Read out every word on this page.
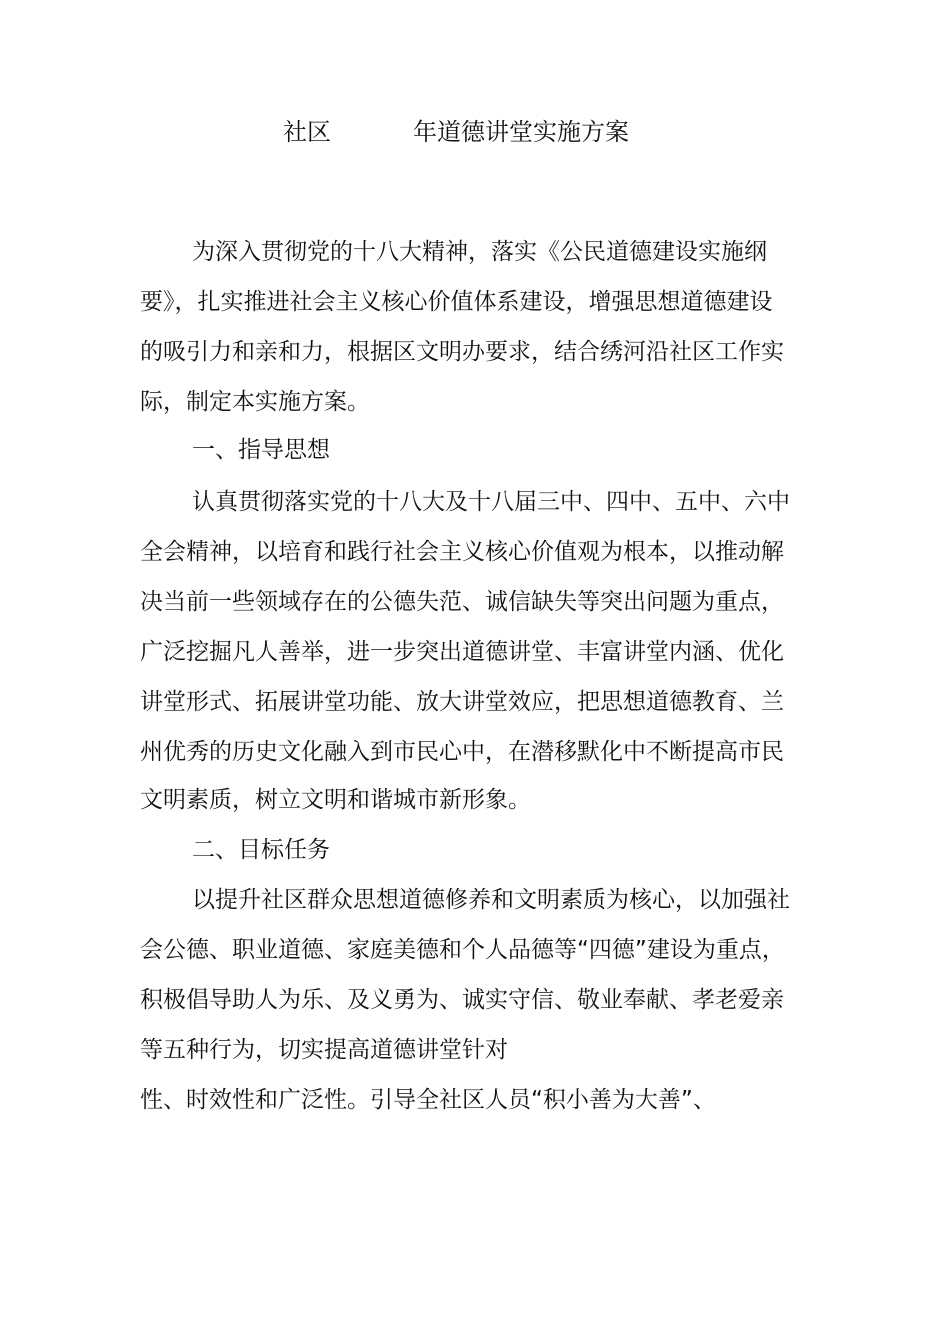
社区	年道德讲堂实施方案
为深入贯彻党的十八大精神，落实《公民道德建设实施纲
要》，扎实推进社会主义核心价值体系建设，增强思想道德建设
的吸引力和亲和力，根据区文明办要求，结合绣河沿社区工作实
际，制定本实施方案。
一、指导思想
认真贯彻落实党的十八大及十八届三中、四中、五中、六中
全会精神，以培育和践行社会主义核心价值观为根本，以推动解
决当前一些领域存在的公德失范、诚信缺失等突出问题为重点，
广泛挖掘凡人善举，进一步突出道德讲堂、丰富讲堂内涵、优化
讲堂形式、拓展讲堂功能、放大讲堂效应，把思想道德教育、兰
州优秀的历史文化融入到市民心中，在潜移默化中不断提高市民
文明素质，树立文明和谐城市新形象。
二、目标任务
以提升社区群众思想道德修养和文明素质为核心，以加强社
会公德、职业道德、家庭美德和个人品德等“四德”建设为重点，
积极倡导助人为乐、及义勇为、诚实守信、敬业奉献、孝老爱亲
等五种行为，切实提高道德讲堂针对
性、时效性和广泛性。引导全社区人员“积小善为大善”、
